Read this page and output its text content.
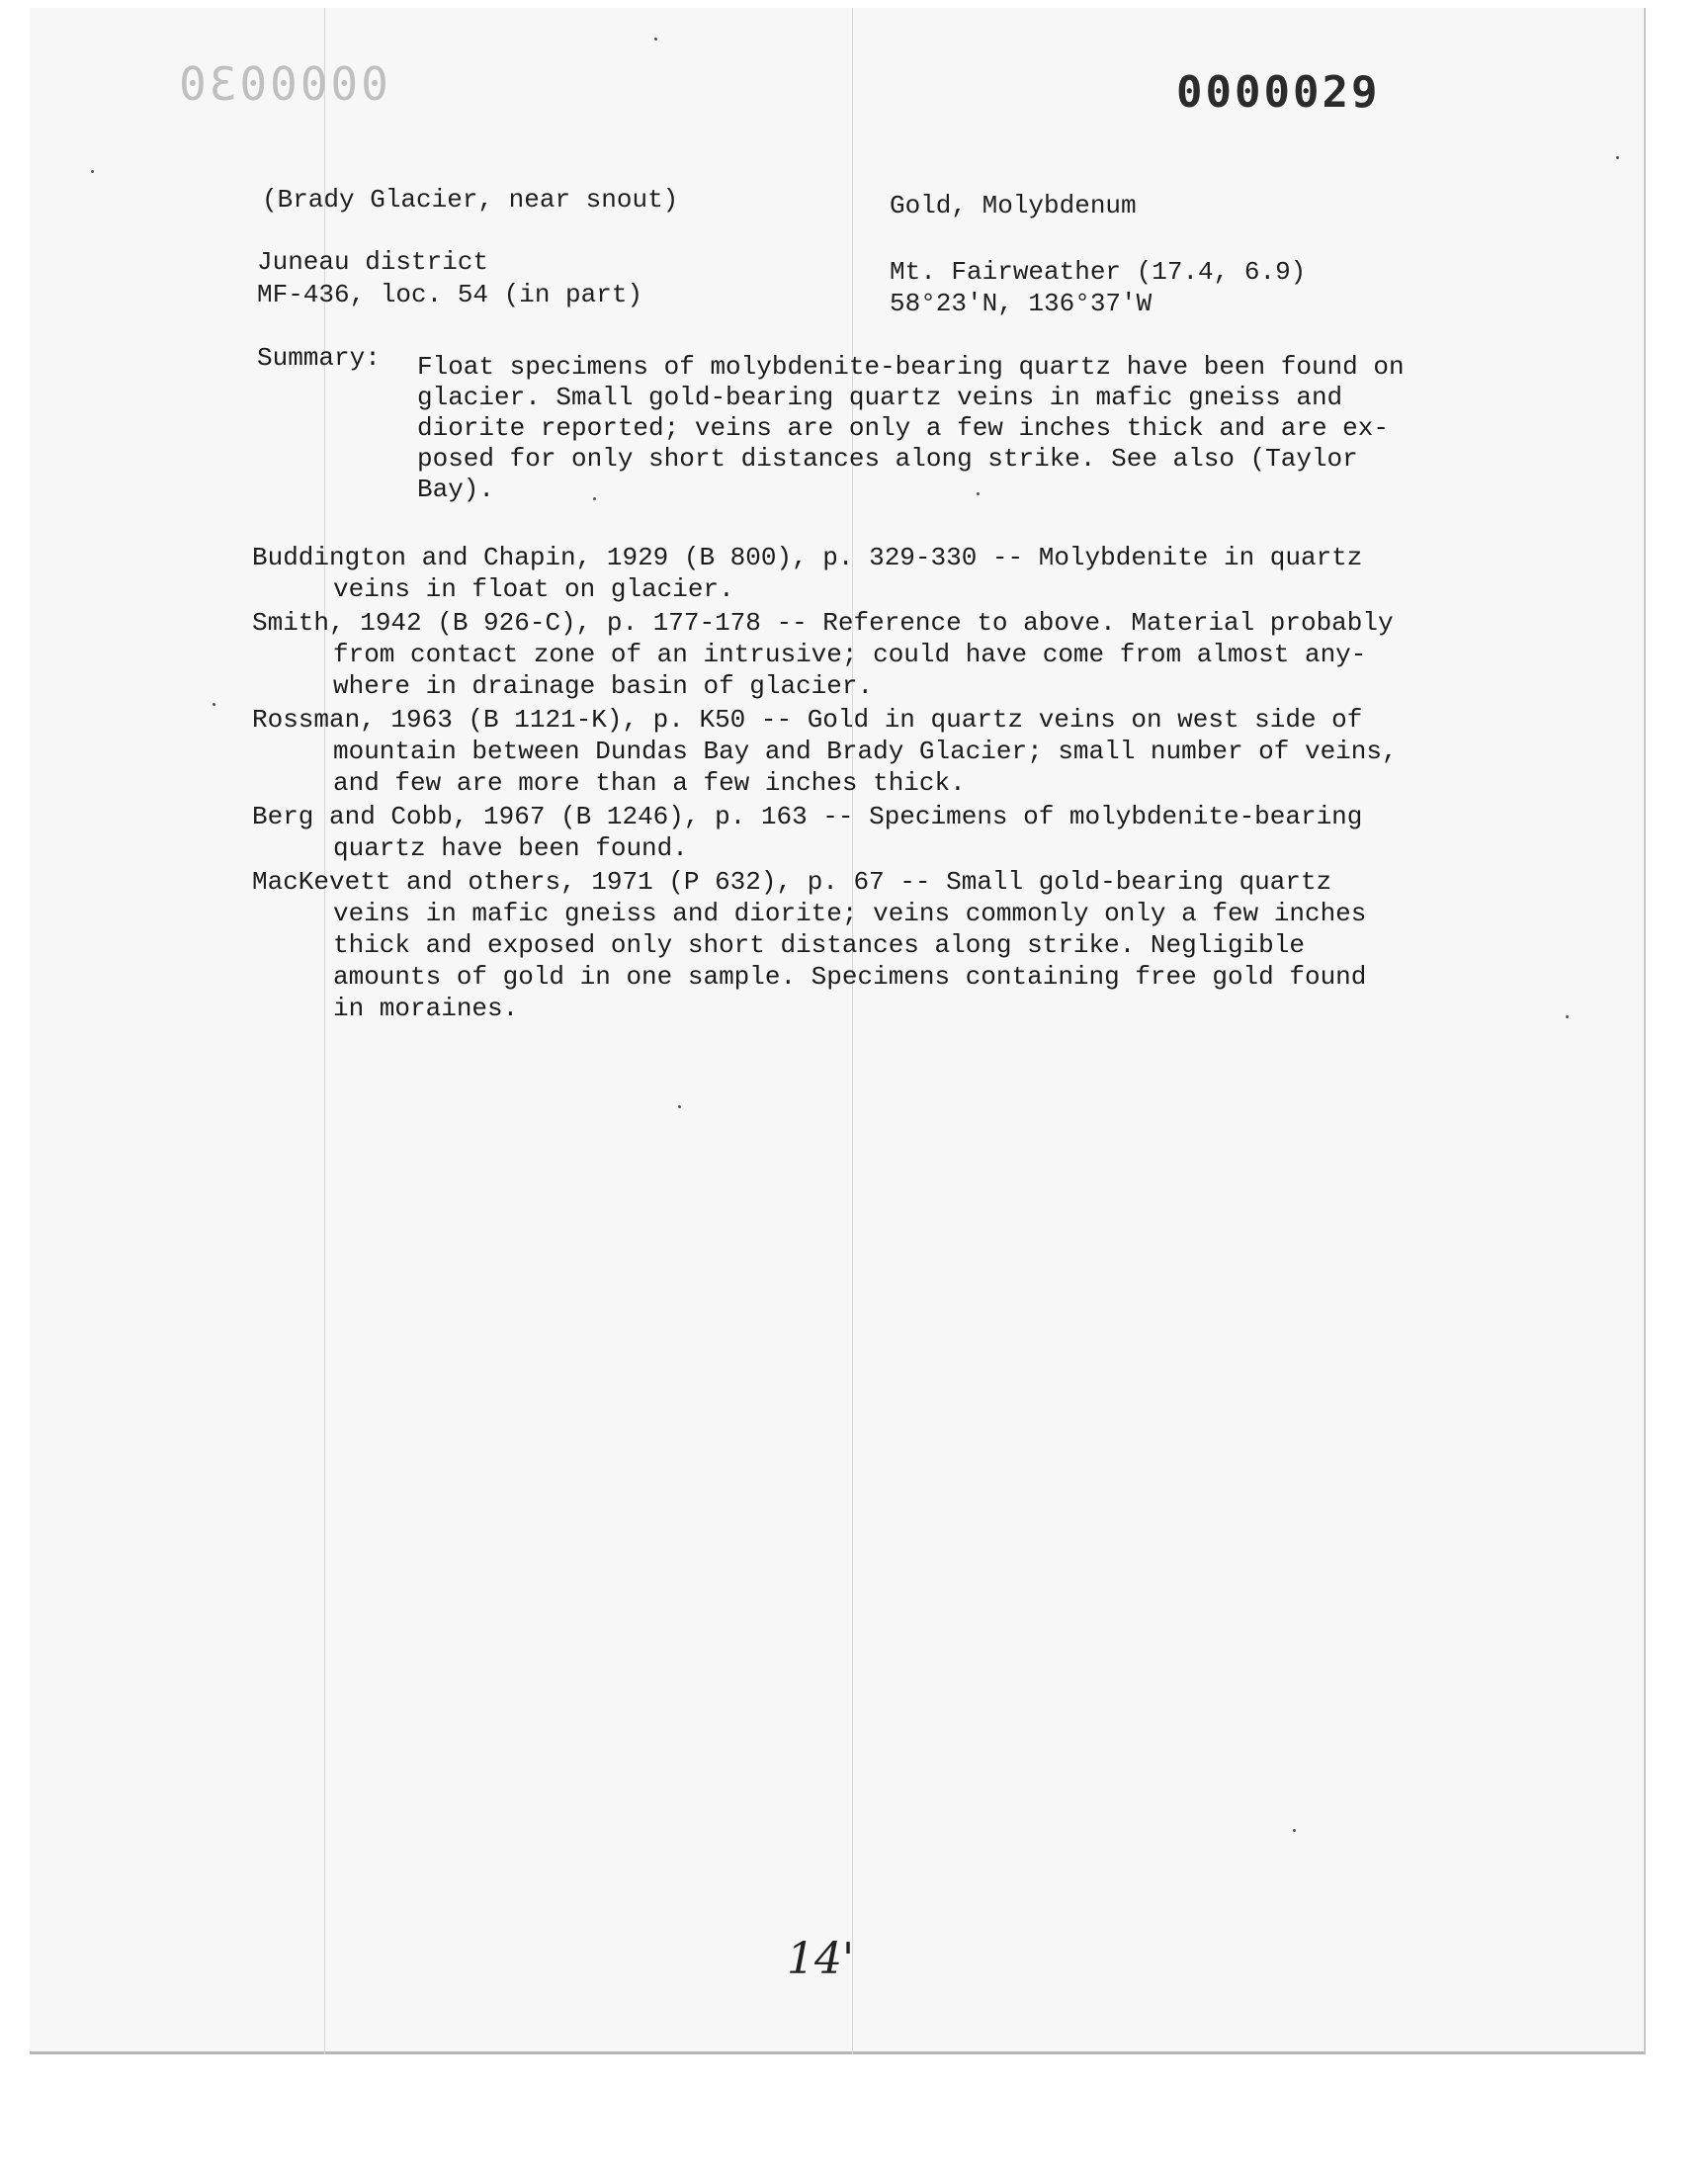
0000030	0000029
(Brady Glacier, near snout)	Gold, Molybdenum
Juneau district
MF-436, loc. 54 (in part)
Mt. Fairweather (17.4, 6.9)
58°23'N, 136°37'W
Summary: Float specimens of molybdenite-bearing quartz have been found on
glacier. Small gold-bearing quartz veins in mafic gneiss and
diorite reported; veins are only a few inches thick and are ex-
posed for only short distances along strike. See also (Taylor
Bay).
Buddington and Chapin, 1929 (B 800), p. 329-330 -- Molybdenite in quartz
veins in float on glacier.
Smith, 1942 (B 926-C), p. 177-178 -- Reference to above. Material probably
from contact zone of an intrusive; could have come from almost any-
where in drainage basin of glacier.
Rossman, 1963 (B 1121-K), p. K50 -- Gold in quartz veins on west side of
mountain between Dundas Bay and Brady Glacier; small number of veins,
and few are more than a few inches thick.
Berg and Cobb, 1967 (B 1246), p. 163 -- Specimens of molybdenite-bearing
quartz have been found.
MacKevett and others, 1971 (P 632), p. 67 -- Small gold-bearing quartz
veins in mafic gneiss and diorite; veins commonly only a few inches
thick and exposed only short distances along strike. Negligible
amounts of gold in one sample. Specimens containing free gold found
in moraines.
14'
